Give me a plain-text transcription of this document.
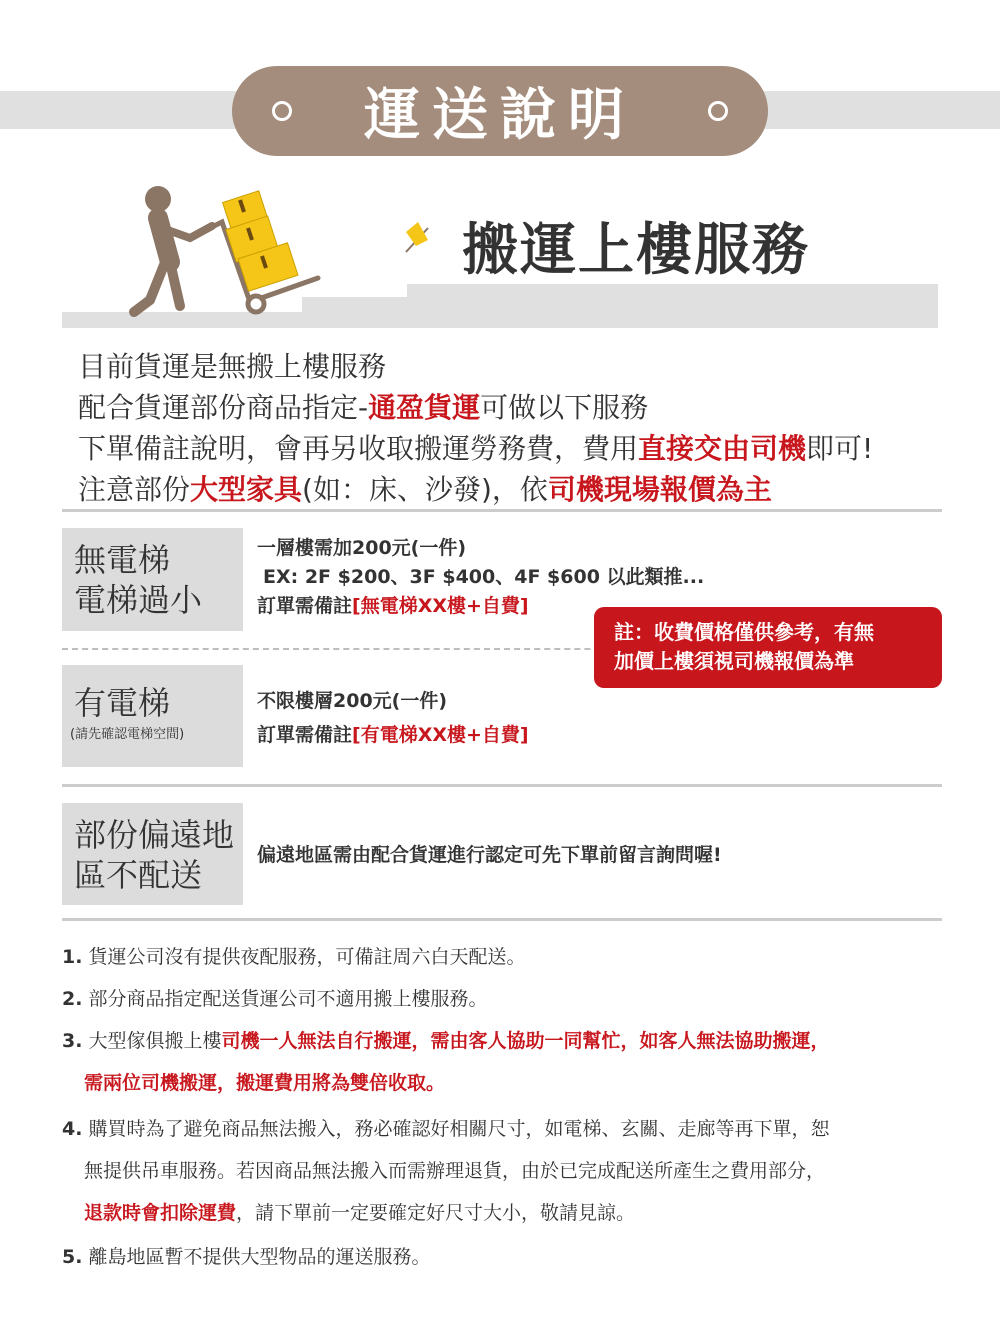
運送說明
搬運上樓服務
目前貨運是無搬上樓服務
配合貨運部份商品指定-通盈貨運可做以下服務
下單備註說明，會再另收取搬運勞務費，費用直接交由司機即可!
注意部份大型家具(如：床、沙發)，依司機現場報價為主
無電梯
電梯過小
一層樓需加200元(一件)
EX: 2F $200、3F $400、4F $600 以此類推...
訂單需備註[無電梯XX樓+自費]
註：收費價格僅供參考，有無
加價上樓須視司機報價為準
有電梯
(請先確認電梯空間)
不限樓層200元(一件)
訂單需備註[有電梯XX樓+自費]
部份偏遠地
區不配送
偏遠地區需由配合貨運進行認定可先下單前留言詢問喔!
1. 貨運公司沒有提供夜配服務，可備註周六白天配送。
2. 部分商品指定配送貨運公司不適用搬上樓服務。
3. 大型傢俱搬上樓司機一人無法自行搬運，需由客人協助一同幫忙，如客人無法協助搬運，
需兩位司機搬運，搬運費用將為雙倍收取。
4. 購買時為了避免商品無法搬入，務必確認好相關尺寸，如電梯、玄關、走廊等再下單，恕
無提供吊車服務。若因商品無法搬入而需辦理退貨，由於已完成配送所產生之費用部分，
退款時會扣除運費，請下單前一定要確定好尺寸大小，敬請見諒。
5. 離島地區暫不提供大型物品的運送服務。
